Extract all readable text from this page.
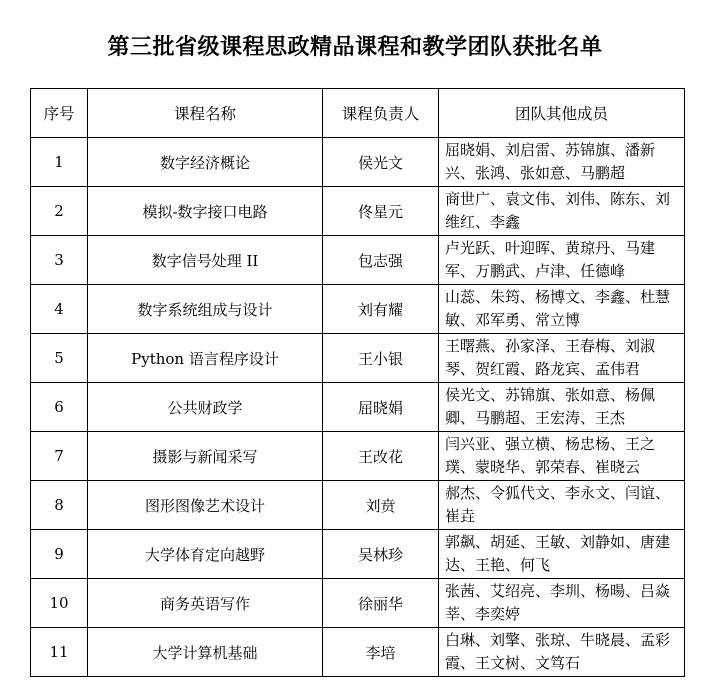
第三批省级课程思政精品课程和教学团队获批名单
序号	课程名称	课程负责人	团队其他成员
1	数字经济概论	侯光文	屈晓娟、刘启雷、苏锦旗、潘新兴、张鸿、张如意、马鹏超
2	模拟-数字接口电路	佟星元	商世广、袁文伟、刘伟、陈东、刘维红、李鑫
3	数字信号处理 II	包志强	卢光跃、叶迎晖、黄琼丹、马建军、万鹏武、卢津、任德峰
4	数字系统组成与设计	刘有耀	山蕊、朱筠、杨博文、李鑫、杜慧敏、邓军勇、常立博
5	Python 语言程序设计	王小银	王曙燕、孙家泽、王春梅、刘淑琴、贺红霞、路龙宾、孟伟君
6	公共财政学	屈晓娟	侯光文、苏锦旗、张如意、杨佩卿、马鹏超、王宏涛、王杰
7	摄影与新闻采写	王改花	闫兴亚、强立横、杨忠杨、王之璞、蒙晓华、郭荣春、崔晓云
8	图形图像艺术设计	刘贲	郝杰、令狐代文、李永文、闫谊、崔垚
9	大学体育定向越野	吴林珍	郭飙、胡延、王敏、刘静如、唐建达、王艳、何飞
10	商务英语写作	徐丽华	张茜、艾绍亮、李圳、杨暘、吕焱莘、李奕婷
11	大学计算机基础	李培	白琳、刘擎、张琼、牛晓晨、孟彩霞、王文树、文笃石
